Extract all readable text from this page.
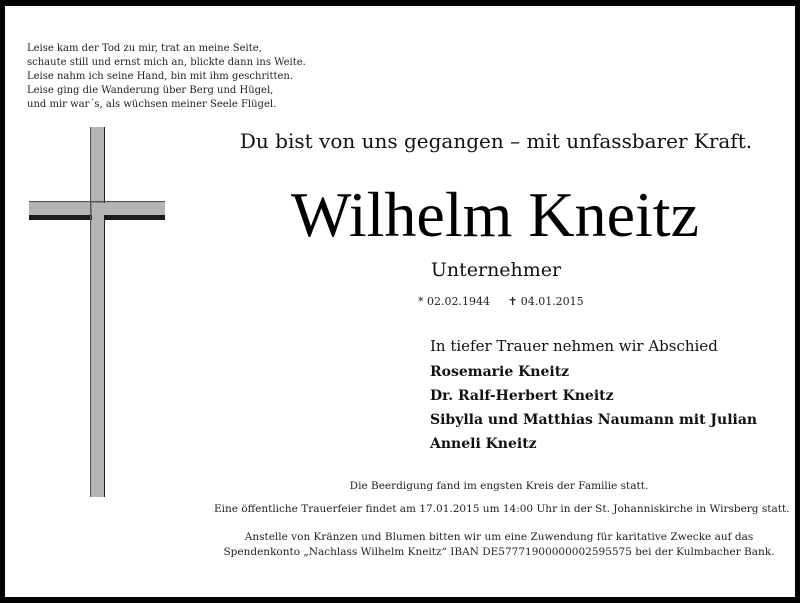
Leise kam der Tod zu mir, trat an meine Seite,
schaute still und ernst mich an, blickte dann ins Weite.
Leise nahm ich seine Hand, bin mit ihm geschritten.
Leise ging die Wanderung über Berg und Hügel,
und mir war´s, als wüchsen meiner Seele Flügel.
Du bist von uns gegangen – mit unfassbarer Kraft.
Wilhelm Kneitz
Unternehmer
* 02.02.1944 ✝ 04.01.2015
In tiefer Trauer nehmen wir Abschied
Rosemarie Kneitz
Dr. Ralf-Herbert Kneitz
Sibylla und Matthias Naumann mit Julian
Anneli Kneitz
Die Beerdigung fand im engsten Kreis der Familie statt.
Eine öffentliche Trauerfeier findet am 17.01.2015 um 14:00 Uhr in der St. Johanniskirche in Wirsberg statt.
Anstelle von Kränzen und Blumen bitten wir um eine Zuwendung für karitative Zwecke auf das
Spendenkonto „Nachlass Wilhelm Kneitz“ IBAN DE57771900000002595575 bei der Kulmbacher Bank.
